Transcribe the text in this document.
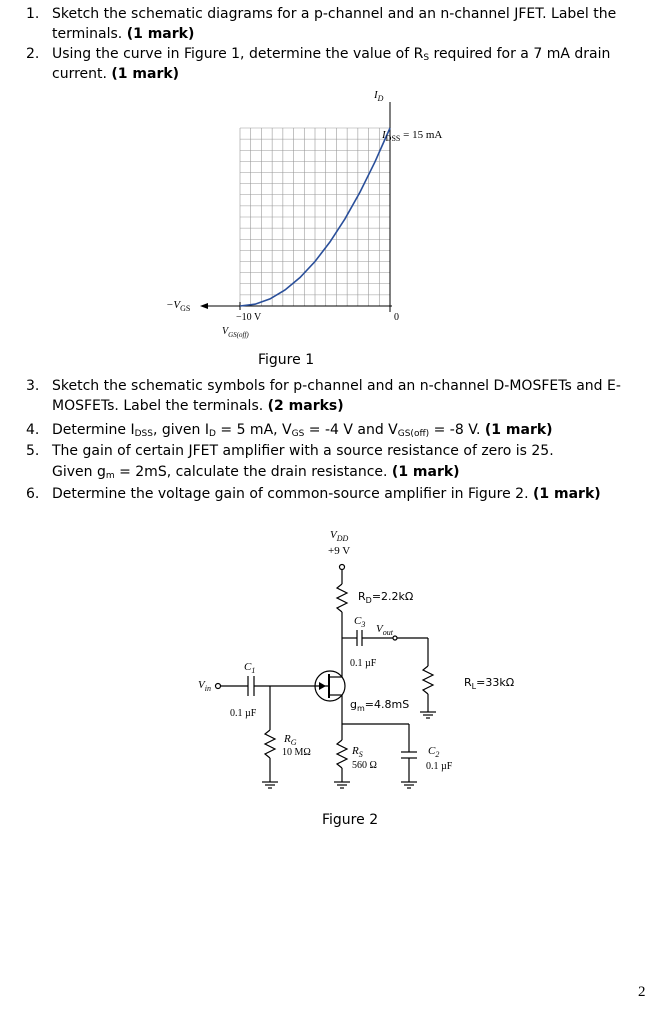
1. Sketch the schematic diagrams for a p-channel and an n-channel JFET. Label the
terminals. (1 mark)
2. Using the curve in Figure 1, determine the value of $R_S$ required for a 7 mA drain
current. (1 mark)
$I_D$
$I_{DSS} = 15$ mA
$-V_{GS}$
−10 V
$V_{GS(off)}$
0
Figure 1
3. Sketch the schematic symbols for p-channel and an n-channel D-MOSFETs and E-
MOSFETs. Label the terminals. (2 marks)
4. Determine $I_{DSS}$, given $I_D = 5$ mA, $V_{GS} = -4$ V and $V_{GS(off)} = -8$ V. (1 mark)
5. The gain of certain JFET amplifier with a source resistance of zero is 25.
Given $g_m = 2mS$, calculate the drain resistance. (1 mark)
6. Determine the voltage gain of common-source amplifier in Figure 2. (1 mark)
$V_{DD}$
+9 V
$R_D=2.2k\Omega$
$C_3$ $V_{out}$
0.1 µF
$R_L=33k\Omega$
$g_m=4.8mS$
$V_{in}$
$C_1$
0.1 µF
$R_G$
10 MΩ	$R_S$
560 Ω
$C_2$
0.1 µF
Figure 2
2
